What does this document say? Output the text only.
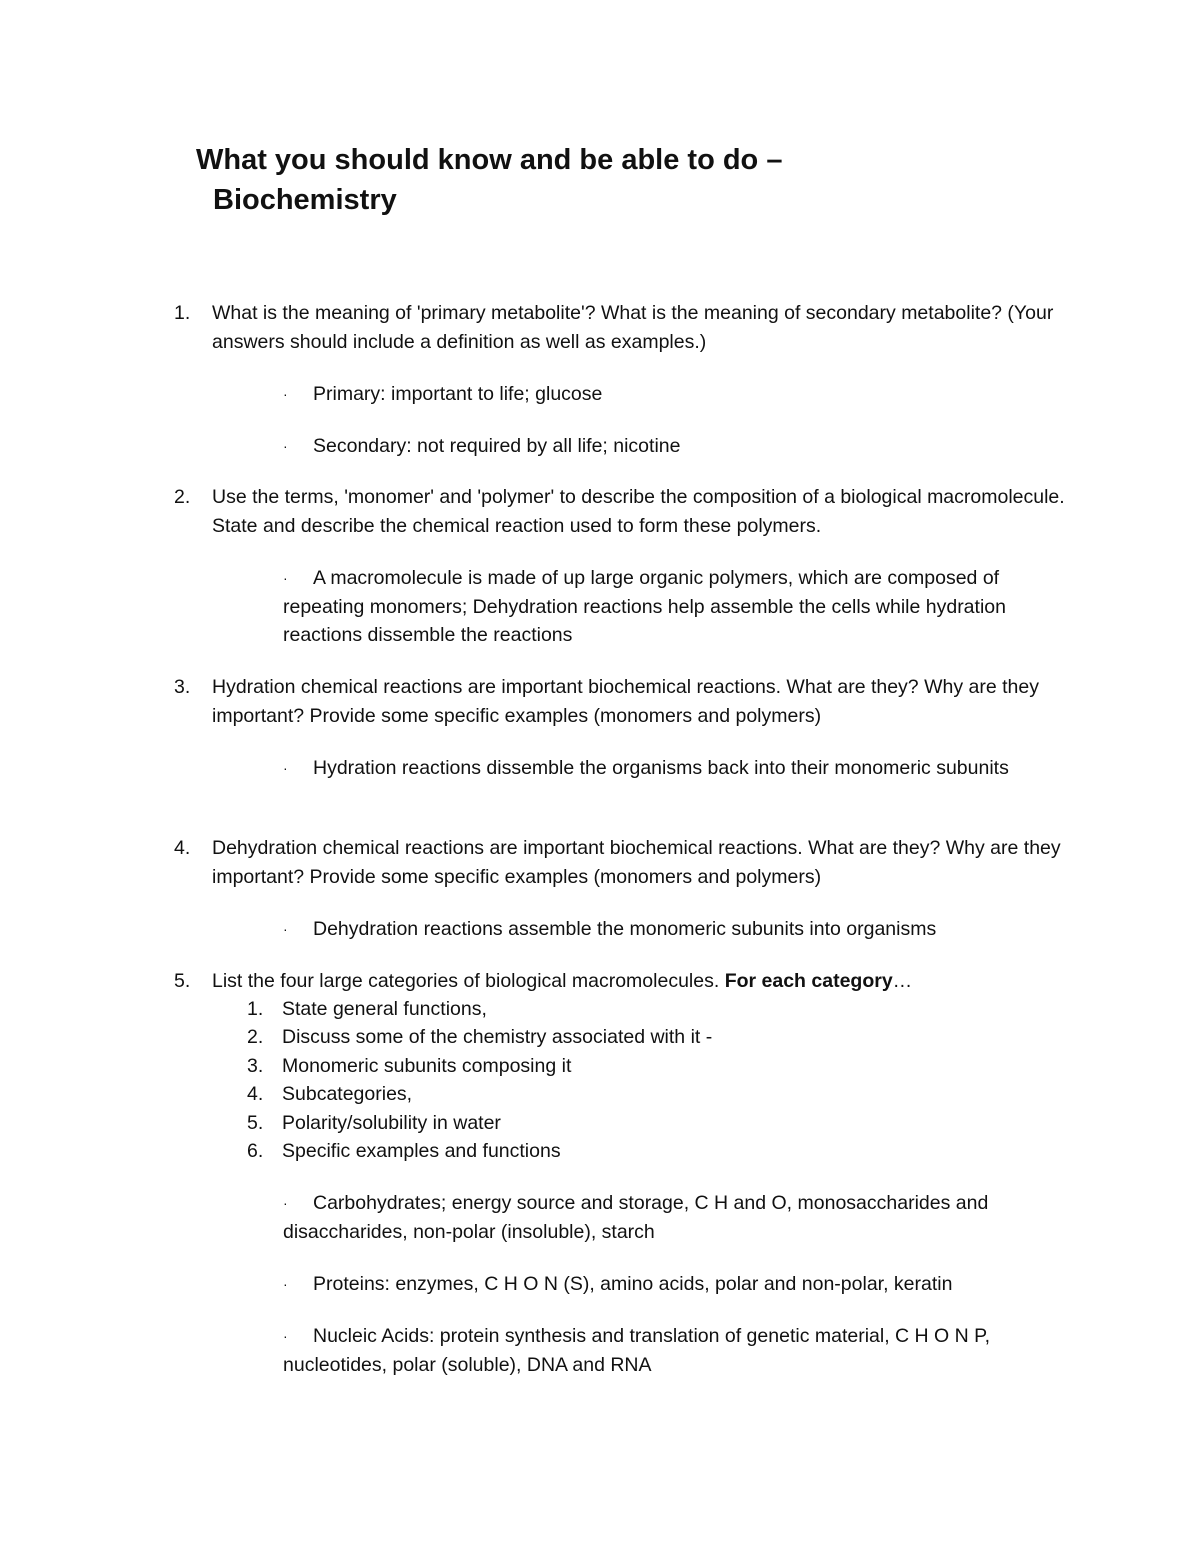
What you should know and be able to do –
Biochemistry
1.	What is the meaning of 'primary metabolite'? What is the meaning of secondary metabolite? (Your answers should include a definition as well as examples.)
· Primary: important to life; glucose
· Secondary: not required by all life; nicotine
2.	Use the terms, 'monomer' and 'polymer' to describe the composition of a biological macromolecule. State and describe the chemical reaction used to form these polymers.
· A macromolecule is made of up large organic polymers, which are composed of repeating monomers; Dehydration reactions help assemble the cells while hydration reactions dissemble the reactions
3.	Hydration chemical reactions are important biochemical reactions. What are they? Why are they important? Provide some specific examples (monomers and polymers)
· Hydration reactions dissemble the organisms back into their monomeric subunits
4.	Dehydration chemical reactions are important biochemical reactions. What are they? Why are they important? Provide some specific examples (monomers and polymers)
· Dehydration reactions assemble the monomeric subunits into organisms
5.	List the four large categories of biological macromolecules. For each category…
1. State general functions,
2. Discuss some of the chemistry associated with it -
3. Monomeric subunits composing it
4. Subcategories,
5. Polarity/solubility in water
6. Specific examples and functions
· Carbohydrates; energy source and storage, C H and O, monosaccharides and disaccharides, non-polar (insoluble), starch
· Proteins: enzymes, C H O N (S), amino acids, polar and non-polar, keratin
· Nucleic Acids: protein synthesis and translation of genetic material, C H O N P, nucleotides, polar (soluble), DNA and RNA
